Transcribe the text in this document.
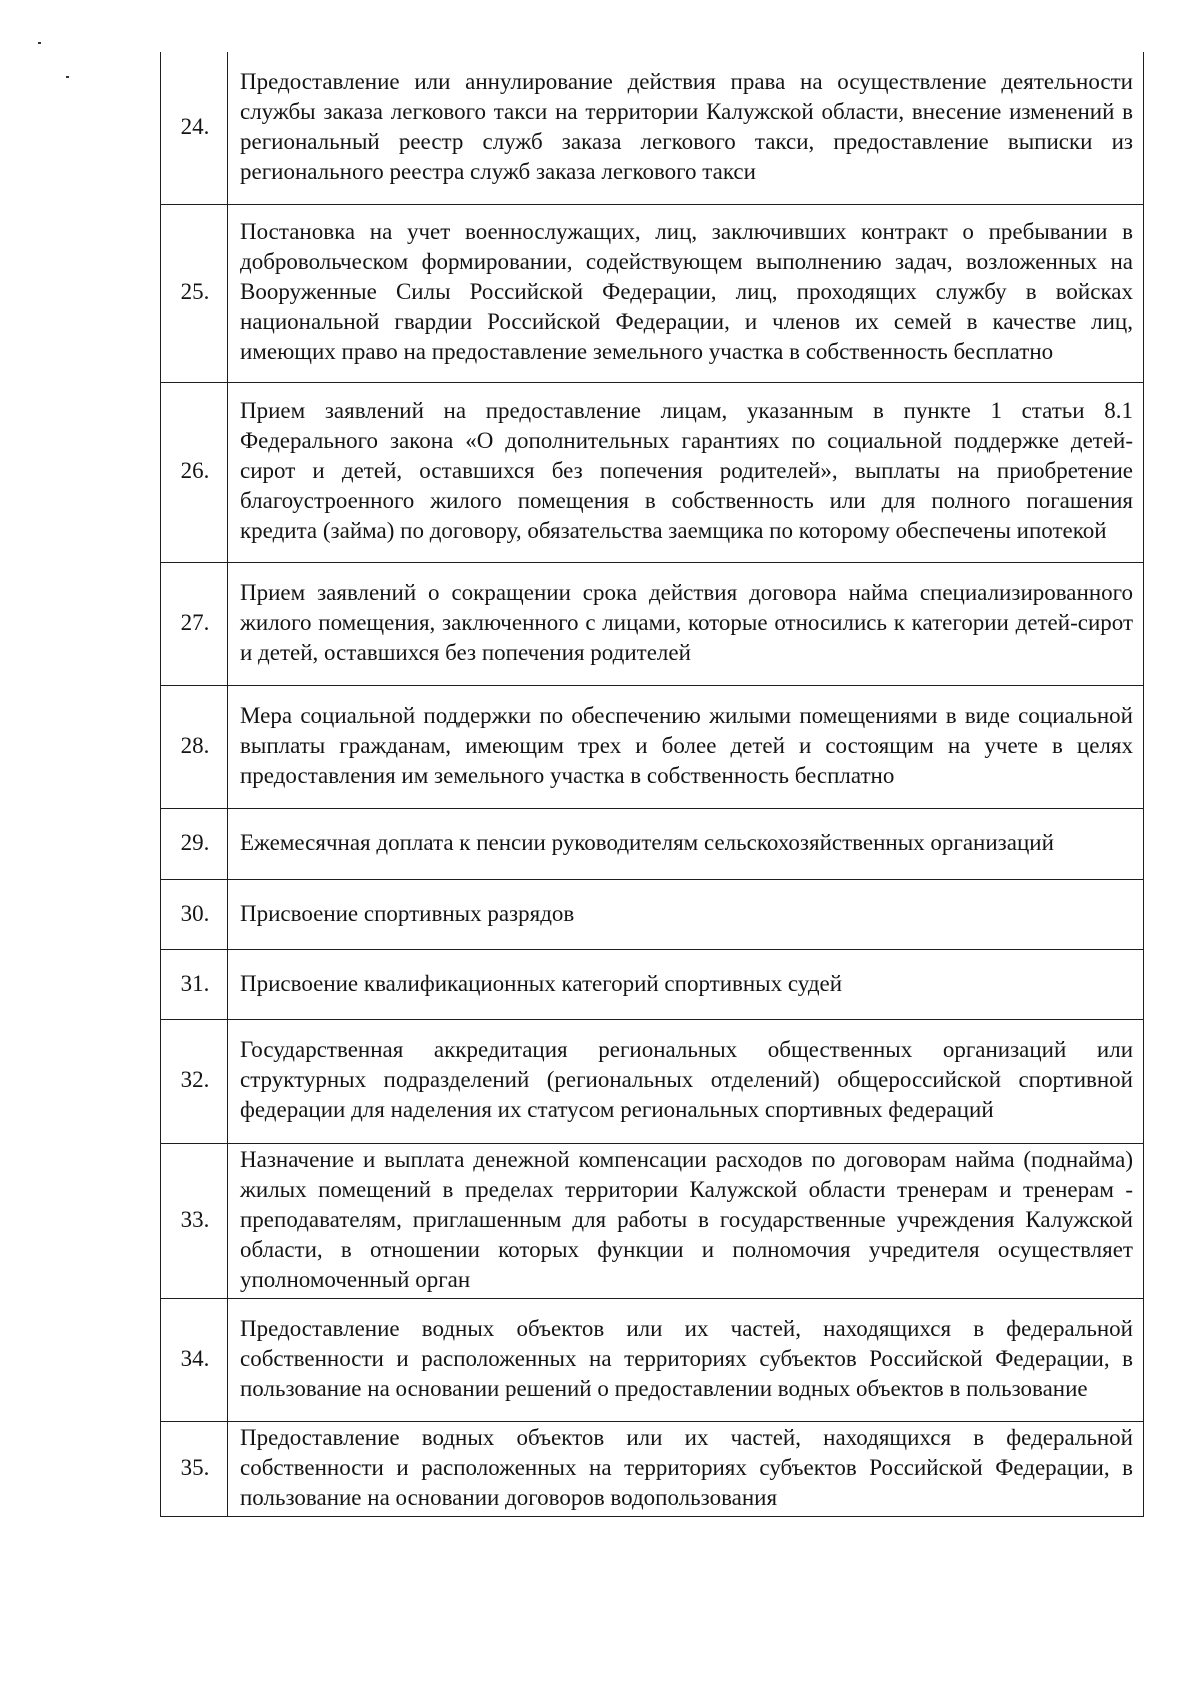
24.	Предоставление или аннулирование действия права на осуществление деятельности службы заказа легкового такси на территории Калужской области, внесение изменений в региональный реестр служб заказа легкового такси, предоставление выписки из регионального реестра служб заказа легкового такси
25.	Постановка на учет военнослужащих, лиц, заключивших контракт о пребывании в добровольческом формировании, содействующем выполнению задач, возложенных на Вооруженные Силы Российской Федерации, лиц, проходящих службу в войсках национальной гвардии Российской Федерации, и членов их семей в качестве лиц, имеющих право на предоставление земельного участка в собственность бесплатно
26.	Прием заявлений на предоставление лицам, указанным в пункте 1 статьи 8.1 Федерального закона «О дополнительных гарантиях по социальной поддержке детей-сирот и детей, оставшихся без попечения родителей», выплаты на приобретение благоустроенного жилого помещения в собственность или для полного погашения кредита (займа) по договору, обязательства заемщика по которому обеспечены ипотекой
27.	Прием заявлений о сокращении срока действия договора найма специализированного жилого помещения, заключенного с лицами, которые относились к категории детей-сирот и детей, оставшихся без попечения родителей
28.	Мера социальной поддержки по обеспечению жилыми помещениями в виде социальной выплаты гражданам, имеющим трех и более детей и состоящим на учете в целях предоставления им земельного участка в собственность бесплатно
29.	Ежемесячная доплата к пенсии руководителям сельскохозяйственных организаций
30.	Присвоение спортивных разрядов
31.	Присвоение квалификационных категорий спортивных судей
32.	Государственная аккредитация региональных общественных организаций или структурных подразделений (региональных отделений) общероссийской спортивной федерации для наделения их статусом региональных спортивных федераций
33.	Назначение и выплата денежной компенсации расходов по договорам найма (поднайма) жилых помещений в пределах территории Калужской области тренерам и тренерам - преподавателям, приглашенным для работы в государственные учреждения Калужской области, в отношении которых функции и полномочия учредителя осуществляет уполномоченный орган
34.	Предоставление водных объектов или их частей, находящихся в федеральной собственности и расположенных на территориях субъектов Российской Федерации, в пользование на основании решений о предоставлении водных объектов в пользование
35.	Предоставление водных объектов или их частей, находящихся в федеральной собственности и расположенных на территориях субъектов Российской Федерации, в пользование на основании договоров водопользования
